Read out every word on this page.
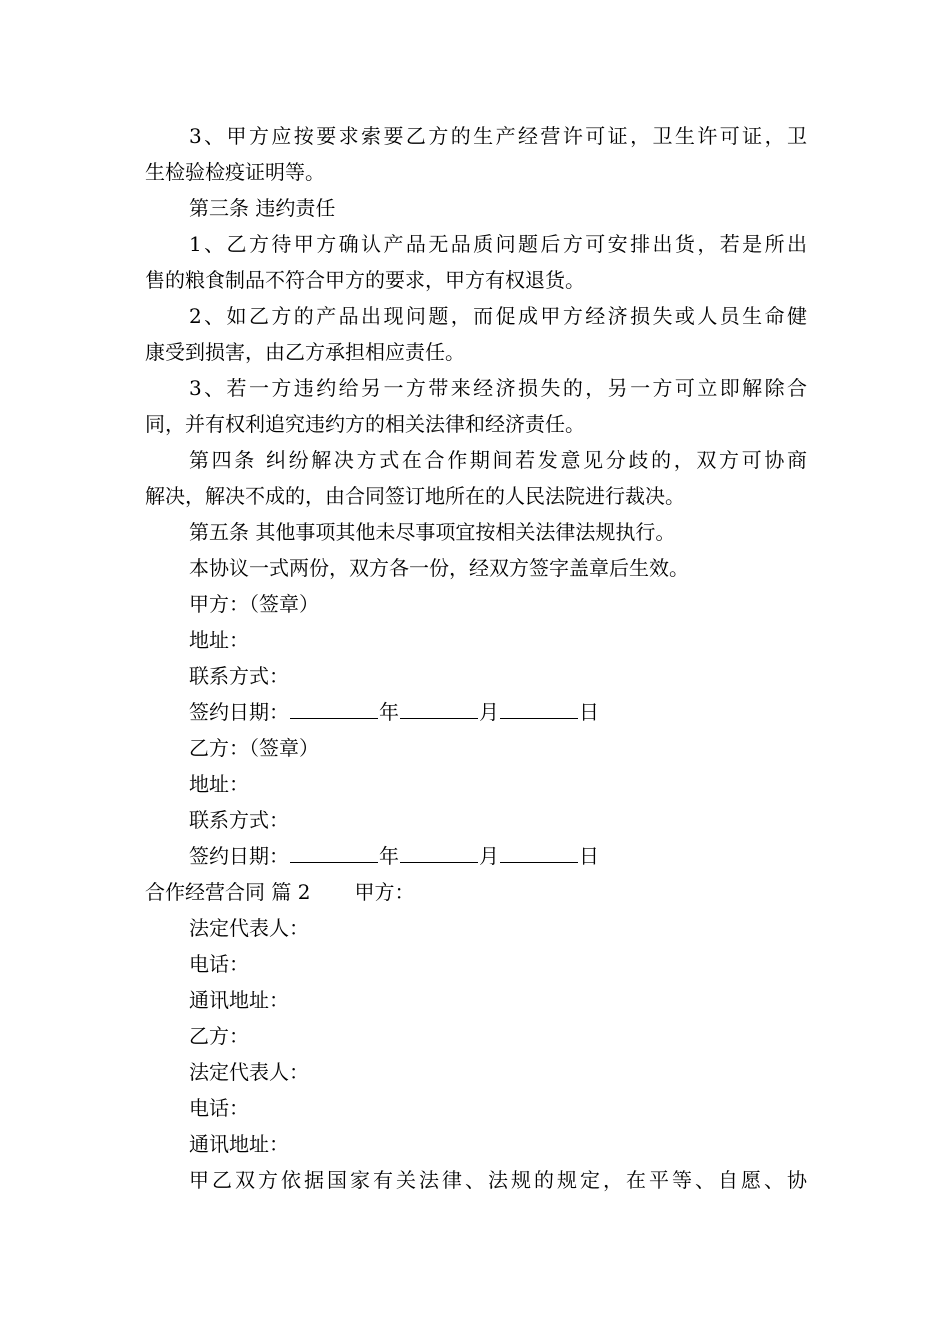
3、甲方应按要求索要乙方的生产经营许可证，卫生许可证，卫
生检验检疫证明等。
第三条 违约责任
1、乙方待甲方确认产品无品质问题后方可安排出货，若是所出
售的粮食制品不符合甲方的要求，甲方有权退货。
2、如乙方的产品出现问题，而促成甲方经济损失或人员生命健
康受到损害，由乙方承担相应责任。
3、若一方违约给另一方带来经济损失的，另一方可立即解除合
同，并有权利追究违约方的相关法律和经济责任。
第四条 纠纷解决方式在合作期间若发意见分歧的，双方可协商
解决，解决不成的，由合同签订地所在的人民法院进行裁决。
第五条 其他事项其他未尽事项宜按相关法律法规执行。
本协议一式两份，双方各一份，经双方签字盖章后生效。
甲方：（签章）
地址：
联系方式：
签约日期：	年	月	日
乙方：（签章）
地址：
联系方式：
签约日期：	年	月	日
合作经营合同 篇 2 甲方：
法定代表人：
电话：
通讯地址：
乙方：
法定代表人：
电话：
通讯地址：
甲乙双方依据国家有关法律、法规的规定，在平等、自愿、协
